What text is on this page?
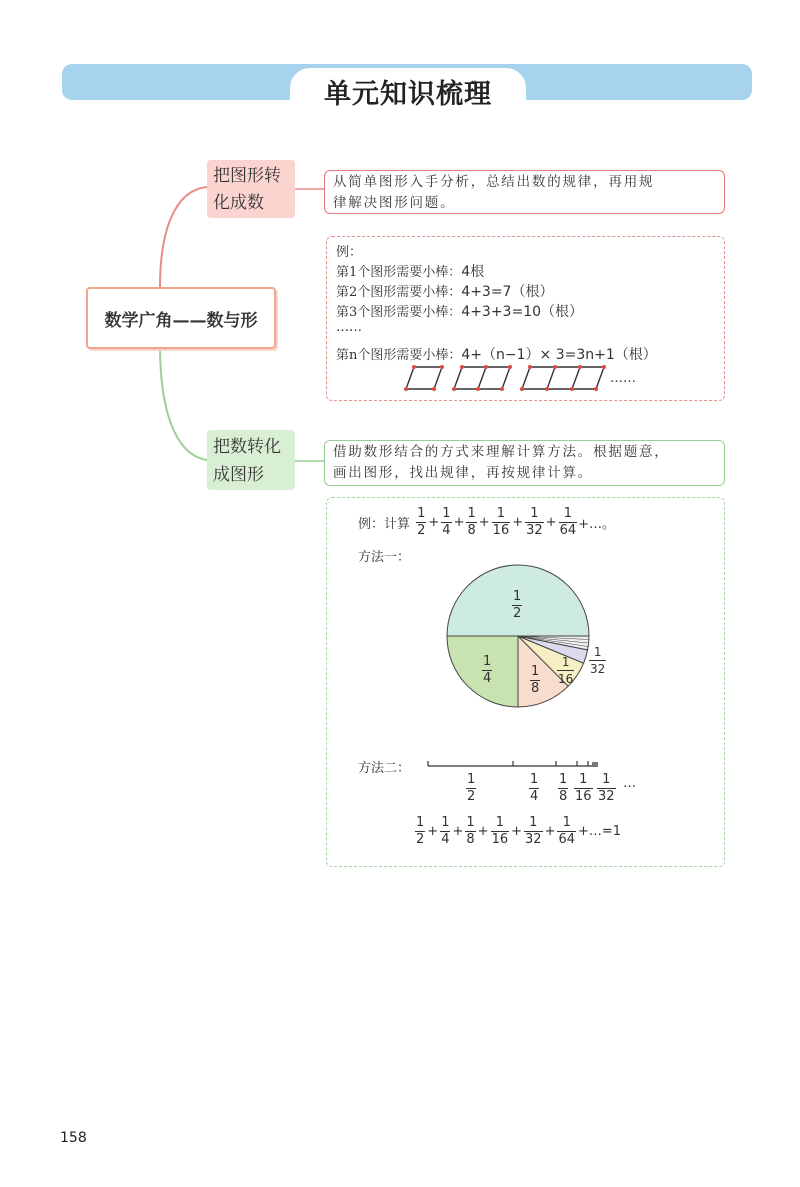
单元知识梳理
数学广角——数与形
把图形转
化成数
从简单图形入手分析，总结出数的规律，再用规
律解决图形问题。
例：
第1个图形需要小棒：4根
第2个图形需要小棒：4+3=7（根）
第3个图形需要小棒：4+3+3=10（根）
……
第n个图形需要小棒：4+（n−1）× 3=3n+1（根）
……
把数转化
成图形
借助数形结合的方式来理解计算方法。根据题意，
画出图形，找出规律，再按规律计算。
例：计算 $\frac{1}{2} + \frac{1}{4} + \frac{1}{8} + \frac{1}{16} + \frac{1}{32} + \frac{1}{64}$ +…。
方法一：
$\frac{1}{2}$
$\frac{1}{4}$	$\frac{1}{8} \frac{1}{16} \frac{1}{32}$
方法二：
$\frac{1}{2}$	$\frac{1}{4} \frac{1}{8} \frac{1}{16} \frac{1}{32}$ …
$\frac{1}{2} + \frac{1}{4} + \frac{1}{8} + \frac{1}{16} + \frac{1}{32} + \frac{1}{64}$ +…=1
158
